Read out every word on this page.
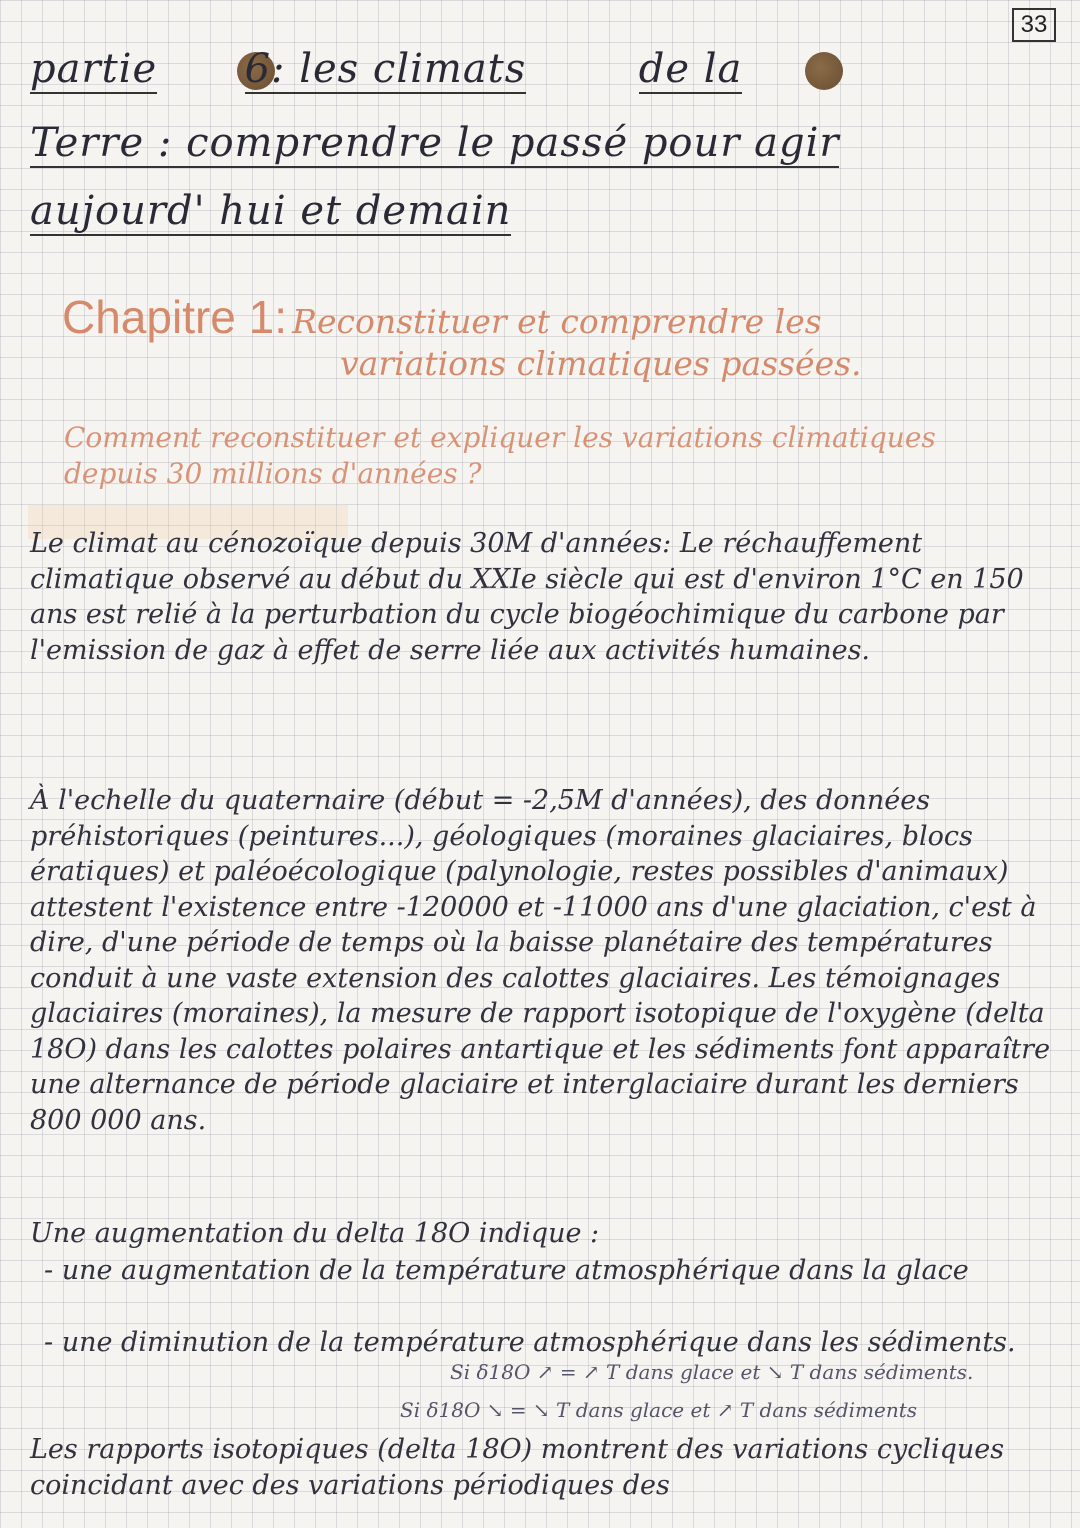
33
partie 6: les climats	de la
Terre : comprendre le passé pour agir
aujourd' hui et demain
Chapitre 1: Reconstituer et comprendre les
variations climatiques passées.
Comment reconstituer et expliquer les variations climatiques depuis 30 millions d'années ?
Le climat au cénozoïque depuis 30M d'années: Le réchauffement climatique observé au début du XXIe siècle qui est d'environ 1°C en 150 ans est relié à la perturbation du cycle biogéochimique du carbone par l'emission de gaz à effet de serre liée aux activités humaines.
À l'echelle du quaternaire (début = -2,5M d'années), des données préhistoriques (peintures...), géologiques (moraines glaciaires, blocs ératiques) et paléoécologique (palynologie, restes possibles d'animaux) attestent l'existence entre -120000 et -11000 ans d'une glaciation, c'est à dire, d'une période de temps où la baisse planétaire des températures conduit à une vaste extension des calottes glaciaires. Les témoignages glaciaires (moraines), la mesure de rapport isotopique de l'oxygène (delta 18O) dans les calottes polaires antartique et les sédiments font apparaître une alternance de période glaciaire et interglaciaire durant les derniers 800 000 ans.
Une augmentation du delta 18O indique :
- une augmentation de la température atmosphérique dans la glace
- une diminution de la température atmosphérique dans les sédiments.
Si δ18O ↗ = ↗ T dans glace et ↘ T dans sédiments.
Si δ18O ↘ = ↘ T dans glace et ↗ T dans sédiments
Les rapports isotopiques (delta 18O) montrent des variations cycliques coincidant avec des variations périodiques des
